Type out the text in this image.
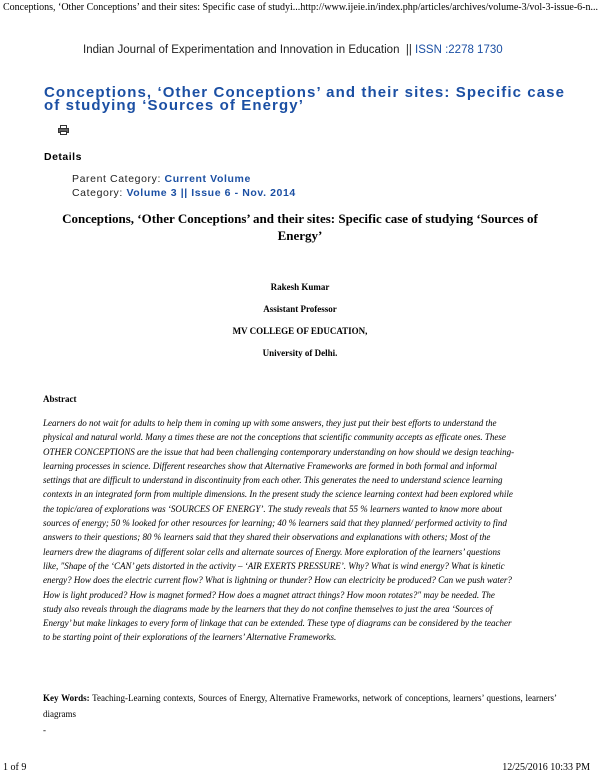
Conceptions, ‘Other Conceptions’ and their sites: Specific case of studyi... http://www.ijeie.in/index.php/articles/archives/volume-3/vol-3-issue-6-n...
Indian Journal of Experimentation and Innovation in Education || ISSN :2278 1730
Conceptions, ‘Other Conceptions’ and their sites: Specific case
of studying ‘Sources of Energy’
Details
Parent Category: Current Volume
Category: Volume 3 || Issue 6 - Nov. 2014
Conceptions, ‘Other Conceptions’ and their sites: Specific case of studying ‘Sources of
Energy’
Rakesh Kumar
Assistant Professor
MV COLLEGE OF EDUCATION,
University of Delhi.
Abstract
Learners do not wait for adults to help them in coming up with some answers, they just put their best efforts to understand the
physical and natural world. Many a times these are not the conceptions that scientific community accepts as efficate ones. These
OTHER CONCEPTIONS are the issue that had been challenging contemporary understanding on how should we design teaching-
learning processes in science. Different researches show that Alternative Frameworks are formed in both formal and informal
settings that are difficult to understand in discontinuity from each other. This generates the need to understand science learning
contexts in an integrated form from multiple dimensions. In the present study the science learning context had been explored while
the topic/area of explorations was ‘SOURCES OF ENERGY’. The study reveals that 55 % learners wanted to know more about
sources of energy; 50 % looked for other resources for learning; 40 % learners said that they planned/ performed activity to find
answers to their questions; 80 % learners said that they shared their observations and explanations with others; Most of the
learners drew the diagrams of different solar cells and alternate sources of Energy. More exploration of the learners’ questions
like, "Shape of the ‘CAN’ gets distorted in the activity – ‘AIR EXERTS PRESSURE’. Why? What is wind energy? What is kinetic
energy? How does the electric current flow? What is lightning or thunder? How can electricity be produced? Can we push water?
How is light produced? How is magnet formed? How does a magnet attract things? How moon rotates?" may be needed. The
study also reveals through the diagrams made by the learners that they do not confine themselves to just the area ‘Sources of
Energy’ but make linkages to every form of linkage that can be extended. These type of diagrams can be considered by the teacher
to be starting point of their explorations of the learners’ Alternative Frameworks.
Key Words: Teaching-Learning contexts, Sources of Energy, Alternative Frameworks, network of conceptions, learners’ questions, learners’ diagrams
-
1 of 9	12/25/2016 10:33 PM
